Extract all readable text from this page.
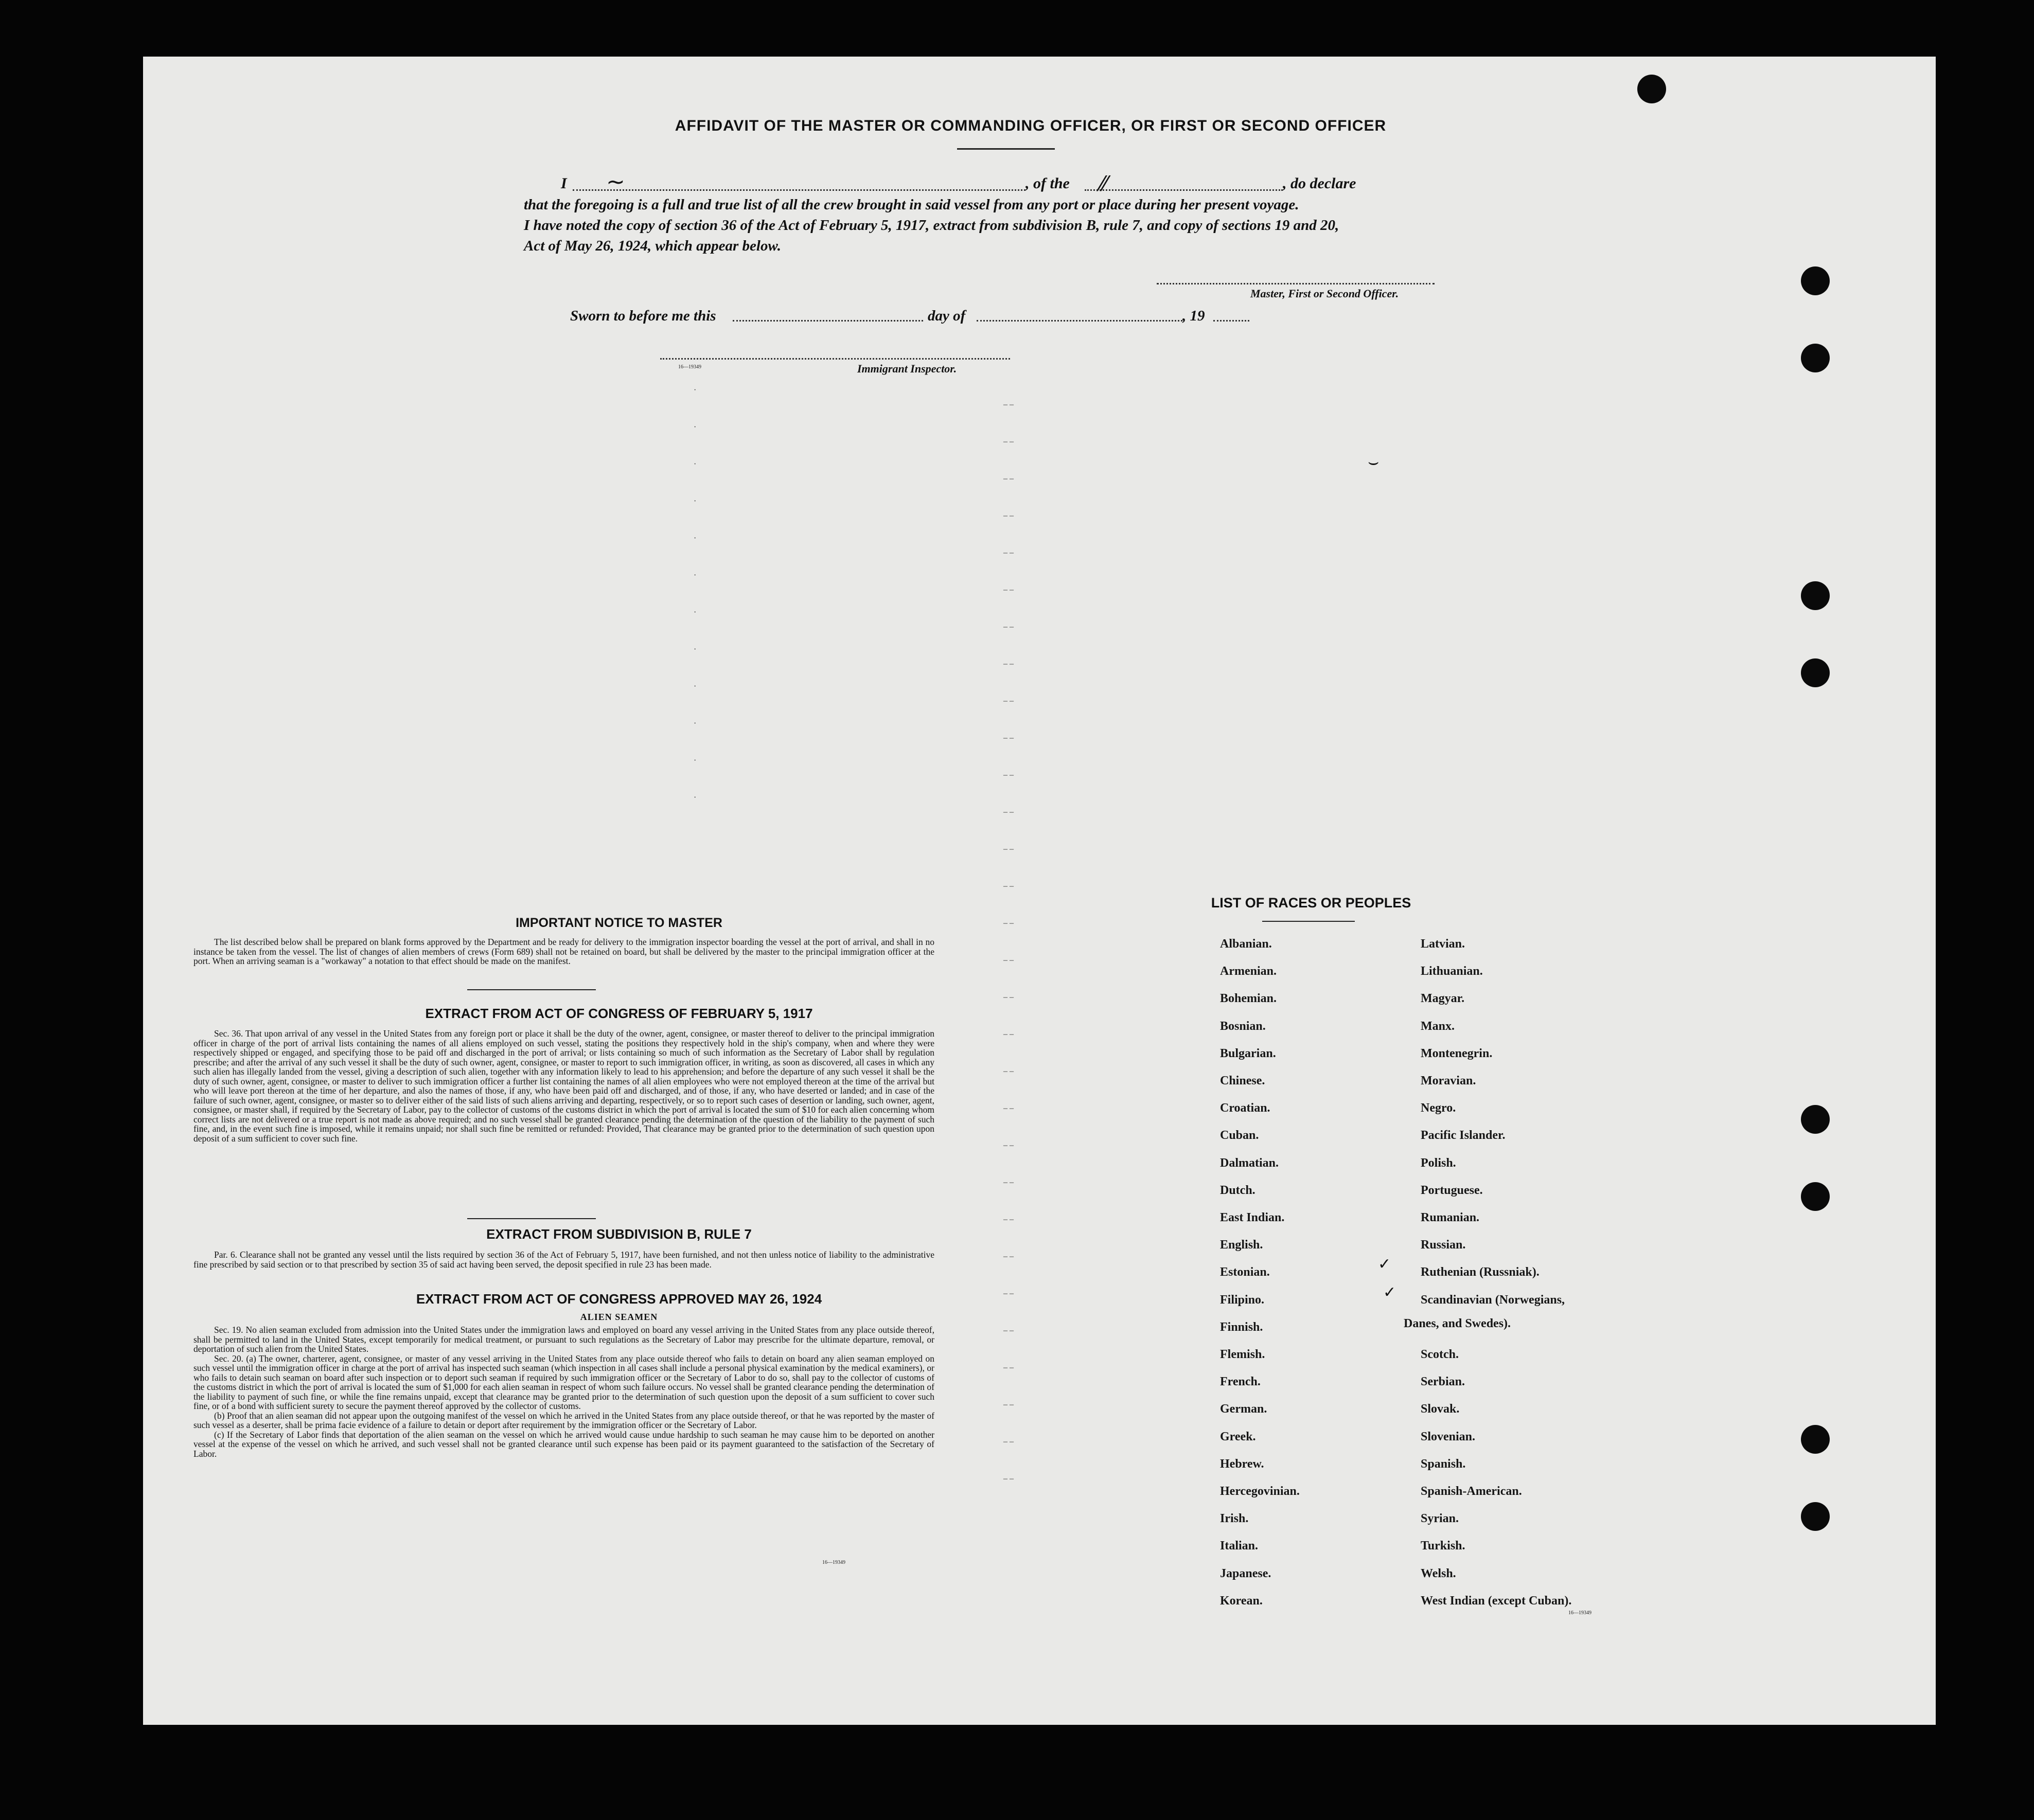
AFFIDAVIT OF THE MASTER OR COMMANDING OFFICER, OR FIRST OR SECOND OFFICER
I	, of the	, do declare
that the foregoing is a full and true list of all the crew brought in said vessel from any port or place during her present voyage.
I have noted the copy of section 36 of the Act of February 5, 1917, extract from subdivision B, rule 7, and copy of sections 19 and 20,
Act of May 26, 1924, which appear below.
Master, First or Second Officer.
Sworn to before me this	day of	, 19
16—19349	Immigrant Inspector.
~	⁄⁄
⌣
IMPORTANT NOTICE TO MASTER

The list described below shall be prepared on blank forms approved by the Department and be ready for delivery to the immigration inspector boarding the vessel at the port of arrival, and shall in no instance be taken from the vessel. The list of changes of alien members of crews (Form 689) shall not be retained on board, but shall be delivered by the master to the principal immigration officer at the port. When an arriving seaman is a "workaway" a notation to that effect should be made on the manifest.

EXTRACT FROM ACT OF CONGRESS OF FEBRUARY 5, 1917

Sec. 36. That upon arrival of any vessel in the United States from any foreign port or place it shall be the duty of the owner, agent, consignee, or master thereof to deliver to the principal immigration officer in charge of the port of arrival lists containing the names of all aliens employed on such vessel, stating the positions they respectively hold in the ship's company, when and where they were respectively shipped or engaged, and specifying those to be paid off and discharged in the port of arrival; or lists containing so much of such information as the Secretary of Labor shall by regulation prescribe; and after the arrival of any such vessel it shall be the duty of such owner, agent, consignee, or master to report to such immigration officer, in writing, as soon as discovered, all cases in which any such alien has illegally landed from the vessel, giving a description of such alien, together with any information likely to lead to his apprehension; and before the departure of any such vessel it shall be the duty of such owner, agent, consignee, or master to deliver to such immigration officer a further list containing the names of all alien employees who were not employed thereon at the time of the arrival but who will leave port thereon at the time of her departure, and also the names of those, if any, who have been paid off and discharged, and of those, if any, who have deserted or landed; and in case of the failure of such owner, agent, consignee, or master so to deliver either of the said lists of such aliens arriving and departing, respectively, or so to report such cases of desertion or landing, such owner, agent, consignee, or master shall, if required by the Secretary of Labor, pay to the collector of customs of the customs district in which the port of arrival is located the sum of $10 for each alien concerning whom correct lists are not delivered or a true report is not made as above required; and no such vessel shall be granted clearance pending the determination of the question of the liability to the payment of such fine, and, in the event such fine is imposed, while it remains unpaid; nor shall such fine be remitted or refunded: Provided, That clearance may be granted prior to the determination of such question upon deposit of a sum sufficient to cover such fine.

EXTRACT FROM SUBDIVISION B, RULE 7

Par. 6. Clearance shall not be granted any vessel until the lists required by section 36 of the Act of February 5, 1917, have been furnished, and not then unless notice of liability to the administrative fine prescribed by said section or to that prescribed by section 35 of said act having been served, the deposit specified in rule 23 has been made.

EXTRACT FROM ACT OF CONGRESS APPROVED MAY 26, 1924
ALIEN SEAMEN

Sec. 19. No alien seaman excluded from admission into the United States under the immigration laws and employed on board any vessel arriving in the United States from any place outside thereof, shall be permitted to land in the United States, except temporarily for medical treatment, or pursuant to such regulations as the Secretary of Labor may prescribe for the ultimate departure, removal, or deportation of such alien from the United States.

Sec. 20. (a) The owner, charterer, agent, consignee, or master of any vessel arriving in the United States from any place outside thereof who fails to detain on board any alien seaman employed on such vessel until the immigration officer in charge at the port of arrival has inspected such seaman (which inspection in all cases shall include a personal physical examination by the medical examiners), or who fails to detain such seaman on board after such inspection or to deport such seaman if required by such immigration officer or the Secretary of Labor to do so, shall pay to the collector of customs of the customs district in which the port of arrival is located the sum of $1,000 for each alien seaman in respect of whom such failure occurs. No vessel shall be granted clearance pending the determination of the liability to payment of such fine, or while the fine remains unpaid, except that clearance may be granted prior to the determination of such question upon the deposit of a sum sufficient to cover such fine, or of a bond with sufficient surety to secure the payment thereof approved by the collector of customs.

(b) Proof that an alien seaman did not appear upon the outgoing manifest of the vessel on which he arrived in the United States from any place outside thereof, or that he was reported by the master of such vessel as a deserter, shall be prima facie evidence of a failure to detain or deport after requirement by the immigration officer or the Secretary of Labor.

(c) If the Secretary of Labor finds that deportation of the alien seaman on the vessel on which he arrived would cause undue hardship to such seaman he may cause him to be deported on another vessel at the expense of the vessel on which he arrived, and such vessel shall not be granted clearance until such expense has been paid or its payment guaranteed to the satisfaction of the Secretary of Labor.

16—19349
LIST OF RACES OR PEOPLES
Danes, and Swedes).
16—19349
✓
✓
Albanian.
Armenian.
Bohemian.
Bosnian.
Bulgarian.
Chinese.
Croatian.
Cuban.
Dalmatian.
Dutch.
East Indian.
English.
Estonian.
Filipino.
Finnish.
Flemish.
French.
German.
Greek.
Hebrew.
Hercegovinian.
Irish.
Italian.
Japanese.
Korean.
Latvian.
Lithuanian.
Magyar.
Manx.
Montenegrin.
Moravian.
Negro.
Pacific Islander.
Polish.
Portuguese.
Rumanian.
Russian.
Ruthenian (Russniak).
Scandinavian (Norwegians,
Scotch.
Serbian.
Slovak.
Slovenian.
Spanish.
Spanish-American.
Syrian.
Turkish.
Welsh.
West Indian (except Cuban).
– –
– –
– –
– –
– –
– –
– –
– –
– –
– –
– –
– –
– –
– –
– –
– –
– –
– –
– –
– –
– –
– –
– –
– –
– –
– –
– –
– –
– –
– –
·
·
·
·
·
·
·
·
·
·
·
·
